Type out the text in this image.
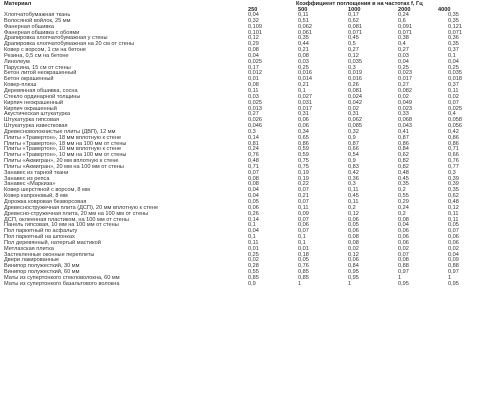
Материал	Коэффициент поглощения в на частотах f, Гц
250	500	1000	2000	4000
Хлопчатобумажная ткань	0,04	0,11	0,17	0,24	0,35
Волосяной войлок, 25 мм	0,32	0,51	0,62	0,6	0,35
Фанерная обшивка	0,109	0,062	0,081	0,091	0,121
Фанерная обшивка с обоями	0,101	0,061	0,071	0,071	0,071
Драпировка хлопчатобумажная у стены	0,12	0,35	0,45	0,38	0,36
Драпировка хлопчатобумажная на 20 см от стены	0,29	0,44	0,5	0,4	0,35
Ковер с ворсом, 1 см на бетоне	0,08	0,21	0,27	0,27	0,37
Резина, 0,5 см на бетоне	0,04	0,08	0,12	0,03	0,1
Линолеум	0,025	0,03	0,035	0,04	0,04
Парусина, 15 см от стены	0,17	0,25	0,3	0,25	0,25
Бетон литой неокрашенный	0,012	0,016	0,019	0,023	0,035
Бетон окрашенный	0,01	0,014	0,016	0,017	0,018
Ковер-плюш	0,08	0,21	0,26	0,27	0,37
Деревянная обшивка, сосна	0,11	0,1	0,081	0,082	0,11
Стекло ординарной толщины	0,03	0,027	0,024	0,02	0,02
Кирпич неокрашенный	0,025	0,031	0,042	0,049	0,07
Кирпич окрашенный	0,013	0,017	0,02	0,023	0,025
Акустическая штукатурка	0,27	0,31	0,31	0,33	0,4
Штукатурка гипсовая	0,026	0,06	0,062	0,068	0,058
Штукатурка известковая	0,046	0,06	0,085	0,043	0,056
Древесноволокнистые плиты (ДВП), 12 мм	0,3	0,34	0,32	0,41	0,42
Плиты «Травертон», 18 мм вплотную к стене	0,14	0,65	0,9	0,87	0,86
Плиты «Травертон», 18 мм на 100 мм от стены	0,81	0,86	0,87	0,86	0,86
Плиты «Травертон», 10 мм вплотную к стене	0,24	0,59	0,66	0,84	0,71
Плиты «Травертон», 10 мм на 100 мм от стены	0,76	0,59	0,54	0,62	0,66
Плиты «Акмигран», 20 мм вплотную к стене	0,48	0,75	0,9	0,82	0,76
Плиты «Акмигран», 20 мм на 100 мм от стены	0,71	0,75	0,83	0,82	0,77
Занавес из тарной ткани	0,07	0,19	0,42	0,48	0,3
Занавес из репса	0,08	0,19	0,36	0,45	0,39
Занавес «Маркиза»	0,08	0,22	0,3	0,35	0,39
Ковер шерстяной с ворсом, 8 мм	0,04	0,07	0,11	0,2	0,35
Ковер капроновый, 8 мм	0,04	0,21	0,45	0,55	0,62
Дорожка ковровая безворсовая	0,05	0,07	0,11	0,29	0,48
Древесностружечная плита (ДСП), 20 мм вплотную к стене	0,06	0,11	0,2	0,24	0,12
Древесно-стружечная плита, 20 мм на 100 мм от стены	0,26	0,09	0,12	0,2	0,11
ДСП, оклеенная пластиком, на 100 мм от стены	0,14	0,07	0,06	0,08	0,11
Панель гипсовая, 10 мм на 100 мм от стены	0,1	0,06	0,05	0,04	0,05
Пол паркетный по асфальту	0,04	0,07	0,06	0,06	0,07
Пол паркетный на шпонках	0,1	0,1	0,08	0,06	0,06
Пол деревянный, натертый мастикой	0,11	0,1	0,08	0,06	0,06
Метлахская плитка	0,01	0,01	0,02	0,02	0,02
Застекленные оконные переплеты	0,25	0,18	0,12	0,07	0,04
Двери лакированные	0,02	0,05	0,06	0,08	0,09
Винипор полужесткий, 30 мм	0,28	0,76	0,84	0,88	0,88
Винипор полужесткий, 60 мм	0,55	0,85	0,95	0,97	0,97
Маты из супертонкого стекловолокна, 60 мм	0,85	0,85	0,95	1	1
Маты из супертонкого базальтового волокна	0,9	1	1	0,95	0,95
